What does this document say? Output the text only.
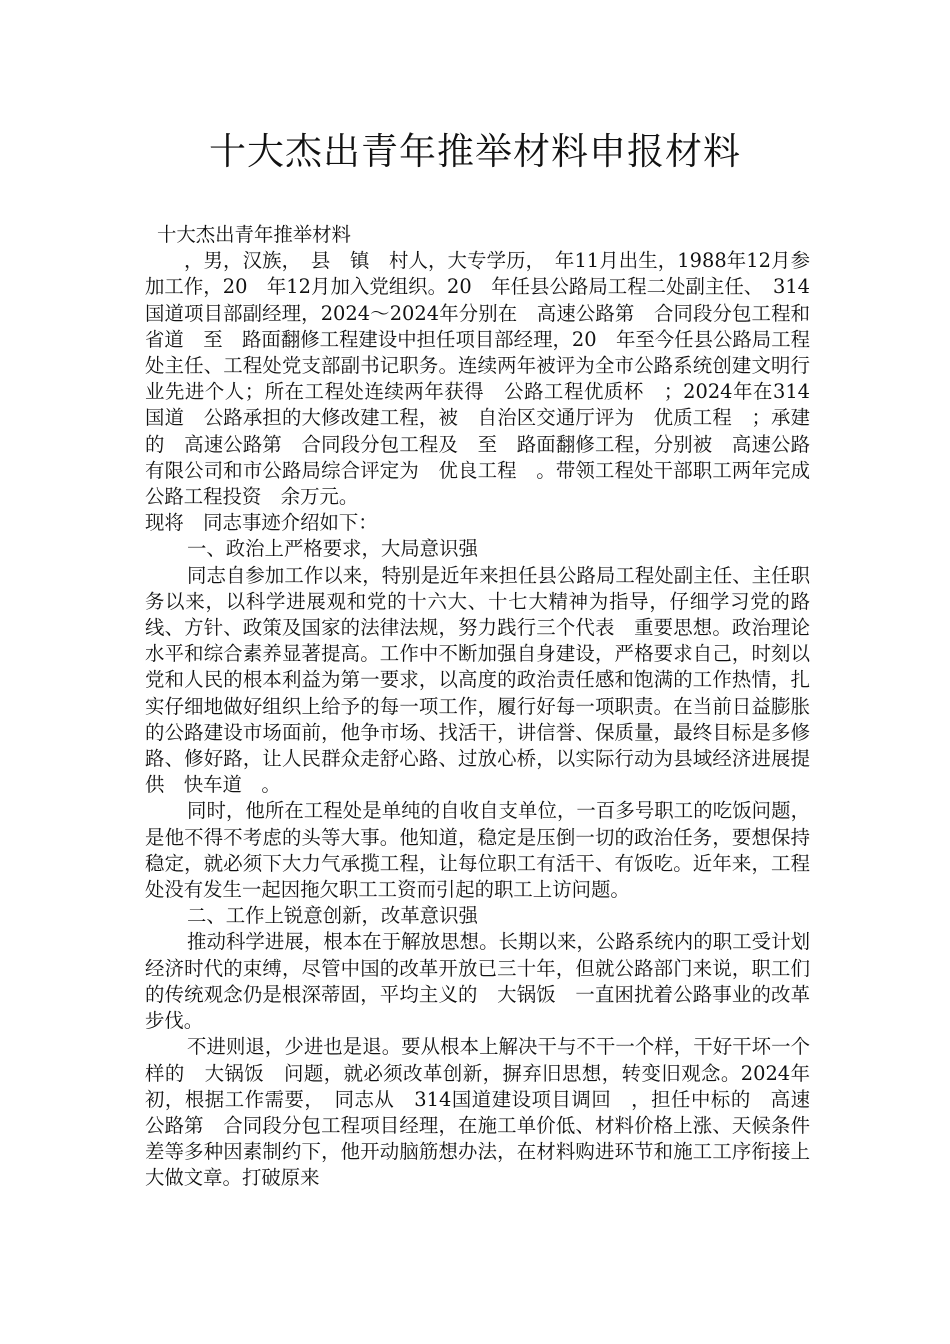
十大杰出青年推举材料申报材料

十大杰出青年推举材料

　　，男，汉族，　县　镇　村人，大专学历，　年11月出生，1988年12月参加工作，20　年12月加入党组织。20　年任县公路局工程二处副主任、　314国道项目部副经理，2024～2024年分别在　高速公路第　合同段分包工程和　省道　至　路面翻修工程建设中担任项目部经理，20　年至今任县公路局工程处主任、工程处党支部副书记职务。连续两年被评为全市公路系统创建文明行业先进个人；所在工程处连续两年获得　公路工程优质杯　；2024年在314国道　公路承担的大修改建工程，被　自治区交通厅评为　优质工程　；承建的　高速公路第　合同段分包工程及　至　路面翻修工程，分别被　高速公路有限公司和市公路局综合评定为　优良工程　。带领工程处干部职工两年完成公路工程投资　余万元。

现将　同志事迹介绍如下：

一、政治上严格要求，大局意识强

同志自参加工作以来，特别是近年来担任县公路局工程处副主任、主任职务以来，以科学进展观和党的十六大、十七大精神为指导，仔细学习党的路线、方针、政策及国家的法律法规，努力践行三个代表　重要思想。政治理论水平和综合素养显著提高。工作中不断加强自身建设，严格要求自己，时刻以党和人民的根本利益为第一要求，以高度的政治责任感和饱满的工作热情，扎实仔细地做好组织上给予的每一项工作，履行好每一项职责。在当前日益膨胀的公路建设市场面前，他争市场、找活干，讲信誉、保质量，最终目标是多修路、修好路，让人民群众走舒心路、过放心桥，以实际行动为县域经济进展提供　快车道　。

同时，他所在工程处是单纯的自收自支单位，一百多号职工的吃饭问题，是他不得不考虑的头等大事。他知道，稳定是压倒一切的政治任务，要想保持稳定，就必须下大力气承揽工程，让每位职工有活干、有饭吃。近年来，工程处没有发生一起因拖欠职工工资而引起的职工上访问题。

二、工作上锐意创新，改革意识强

推动科学进展，根本在于解放思想。长期以来，公路系统内的职工受计划经济时代的束缚，尽管中国的改革开放已三十年，但就公路部门来说，职工们的传统观念仍是根深蒂固，平均主义的　大锅饭　一直困扰着公路事业的改革步伐。

不进则退，少进也是退。要从根本上解决干与不干一个样，干好干坏一个样的　大锅饭　问题，就必须改革创新，摒弃旧思想，转变旧观念。2024年初，根据工作需要，　同志从　314国道建设项目调回　，担任中标的　高速公路第　合同段分包工程项目经理，在施工单价低、材料价格上涨、天候条件差等多种因素制约下，他开动脑筋想办法，在材料购进环节和施工工序衔接上大做文章。打破原来
